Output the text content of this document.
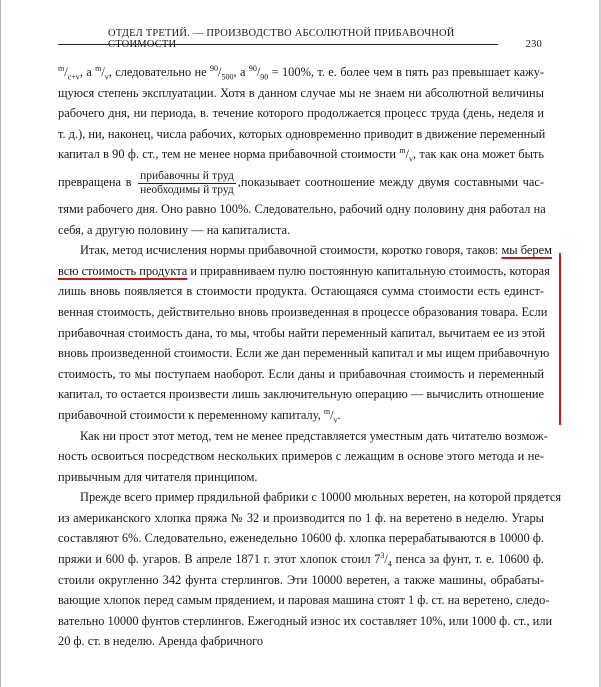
ОТДЕЛ ТРЕТИЙ. — ПРОИЗВОДСТВО АБСОЛЮТНОЙ ПРИБАВОЧНОЙ
230
$^m/_{c+v}$, а $^m/_v$, следовательно не $^{90}/_{500}$, а $^{90}/_{90} = 100\%$, т. е. более чем в пять раз превышает кажу-
щуюся степень эксплуатации. Хотя в данном случае мы не знаем ни абсолютной величины
рабочего дня, ни периода, в. течение которого продолжается процесс труда (день, неделя и
т. д.), ни, наконец, числа рабочих, которых одновременно приводит в движение переменный
капитал в 90 ф. ст., тем не менее норма прибавочной стоимости $^m/_v$, так как она может быть
превращена в $\frac{\text{прибавочны й труд}}{\text{необходимы й труд}}$ ,показывает соотношение между двумя составными час-
тями рабочего дня. Оно равно 100%. Следовательно, рабочий одну половину дня работал на
себя, а другую половину — на капиталиста.
Итак, метод исчисления нормы прибавочной стоимости, коротко говоря, таков: мы берем
всю стоимость продукта и приравниваем пулю постоянную капитальную стоимость, которая
лишь вновь появляется в стоимости продукта. Остающаяся сумма стоимости есть единст-
венная стоимость, действительно вновь произведенная в процессе образования товара. Если
прибавочная стоимость дана, то мы, чтобы найти переменный капитал, вычитаем ее из этой
вновь произведенной стоимости. Если же дан переменный капитал и мы ищем прибавочную
стоимость, то мы поступаем наоборот. Если даны и прибавочная стоимость и переменный
капитал, то остается произвести лишь заключительную операцию — вычислить отношение
прибавочной стоимости к переменному капиталу, $^m/_v$.
Как ни прост этот метод, тем не менее представляется уместным дать читателю возмож-
ность освоиться посредством нескольких примеров с лежащим в основе этого метода и не-
привычным для читателя принципом.
Прежде всего пример прядильной фабрики с 10000 мюльных веретен, на которой прядется
из американского хлопка пряжа № 32 и производится по 1 ф. на веретено в неделю. Угары
составляют 6%. Следовательно, еженедельно 10600 ф. хлопка перерабатываются в 10000 ф.
пряжи и 600 ф. угаров. В апреле 1871 г. этот хлопок стоил $7^3/_4$ пенса за фунт, т. е. 10600 ф.
стоили округленно 342 фунта стерлингов. Эти 10000 веретен, а также машины, обрабаты-
вающие хлопок перед самым прядением, и паровая машина стоят 1 ф. ст. на веретено, следо-
вательно 10000 фунтов стерлингов. Ежегодный износ их составляет 10%, или 1000 ф. ст., или
20 ф. ст. в неделю. Аренда фабричного
